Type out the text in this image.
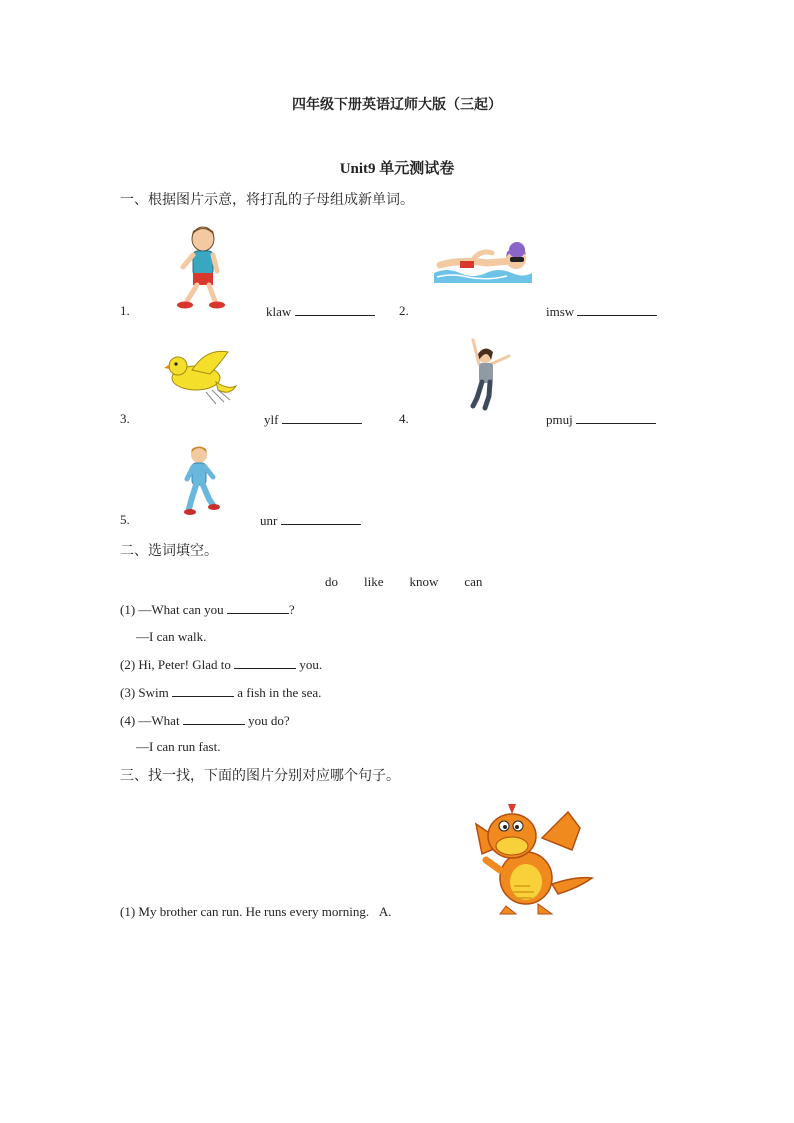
四年级下册英语辽师大版（三起）
Unit9 单元测试卷
一、根据图片示意，将打乱的子母组成新单词。
1.	klaw	2.	imsw
3.	ylf	4.	pmuj
5.	unr
二、选词填空。
do like know can
(1) —What can you	?
—I can walk.
(2) Hi, Peter! Glad to	you.
(3) Swim	a fish in the sea.
(4) —What	you do?
—I can run fast.
三、找一找，下面的图片分别对应哪个句子。
(1) My brother can run. He runs every morning. A.
